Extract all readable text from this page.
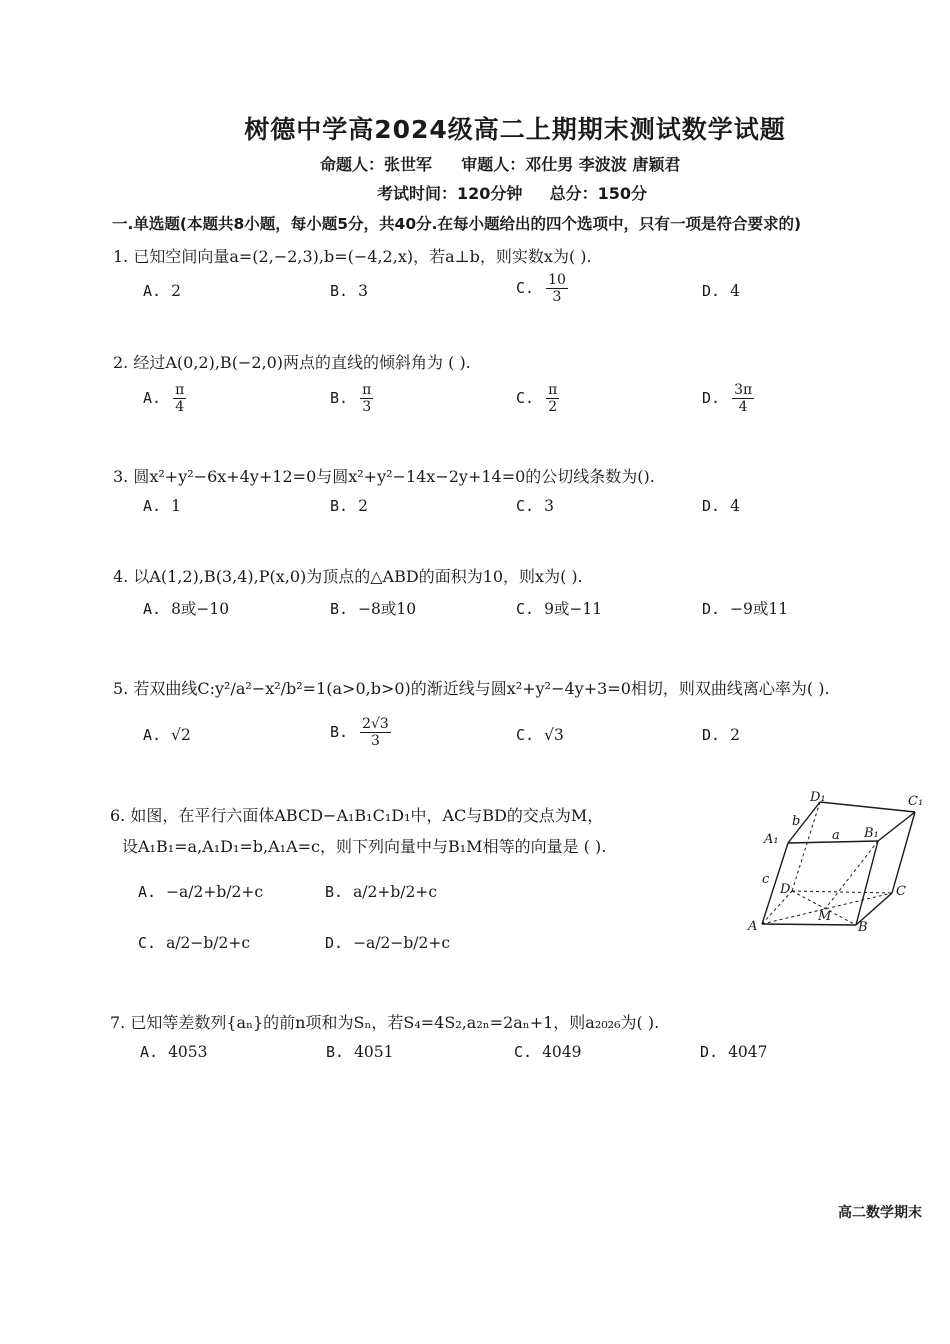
树德中学高2024级高二上期期末测试数学试题
命题人：张世军 审题人：邓仕男 李波波 唐颖君
考试时间：120分钟 总分：150分
一.单选题(本题共8小题，每小题5分，共40分.在每小题给出的四个选项中，只有一项是符合要求的)
1. 已知空间向量a=(2,−2,3),b=(−4,2,x)，若a⊥b，则实数x为( ).
A. 2	B. 3	C. $\frac{10}{3}$	D. 4
2. 经过A(0,2),B(−2,0)两点的直线的倾斜角为 ( ).
A. $\frac{\pi}{4}$	B. $\frac{\pi}{3}$	C. $\frac{\pi}{2}$	D. $\frac{3\pi}{4}$
3. 圆x²+y²−6x+4y+12=0与圆x²+y²−14x−2y+14=0的公切线条数为().
A. 1	B. 2	C. 3	D. 4
4. 以A(1,2),B(3,4),P(x,0)为顶点的△ABD的面积为10，则x为( ).
A. 8或−10	B. −8或10	C. 9或−11	D. −9或11
5. 若双曲线C:y²/a²−x²/b²=1(a>0,b>0)的渐近线与圆x²+y²−4y+3=0相切，则双曲线离心率为( ).
A. √2	B. $\frac{2√3}{3}$	C. √3	D. 2
6. 如图，在平行六面体ABCD−A₁B₁C₁D₁中，AC与BD的交点为M，
设A₁B₁=a,A₁D₁=b,A₁A=c，则下列向量中与B₁M相等的向量是 ( ).
A. −a/2+b/2+c	B. a/2+b/2+c
C. a/2−b/2+c	D. −a/2−b/2+c
D₁	C₁
A₁	B₁
b
a
c
D	C
A
M
B
7. 已知等差数列{aₙ}的前n项和为Sₙ，若S₄=4S₂,a₂ₙ=2aₙ+1，则a₂₀₂₆为( ).
A. 4053	B. 4051	C. 4049	D. 4047
高二数学期末
